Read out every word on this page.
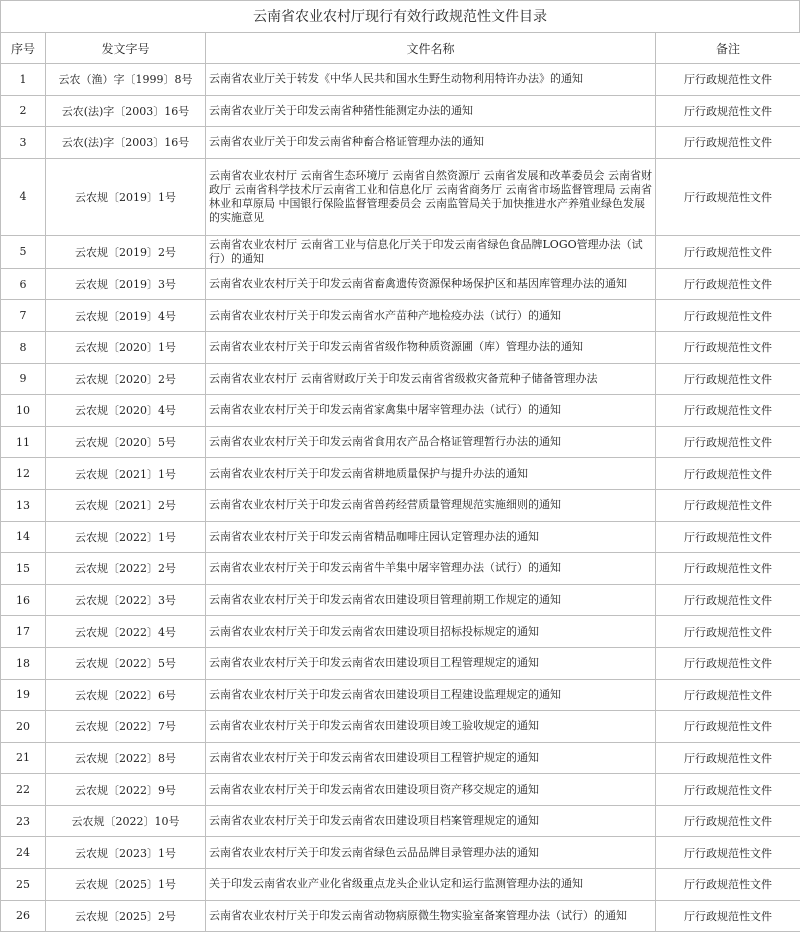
云南省农业农村厅现行有效行政规范性文件目录
序号	发文字号	文件名称	备注
1	云农（渔）字〔1999〕8号	云南省农业厅关于转发《中华人民共和国水生野生动物利用特许办法》的通知	厅行政规范性文件
2	云农(法)字〔2003〕16号	云南省农业厅关于印发云南省种猪性能测定办法的通知	厅行政规范性文件
3	云农(法)字〔2003〕16号	云南省农业厅关于印发云南省种畜合格证管理办法的通知	厅行政规范性文件
4	云农规〔2019〕1号	云南省农业农村厅 云南省生态环境厅 云南省自然资源厅 云南省发展和改革委员会 云南省财政厅 云南省科学技术厅云南省工业和信息化厅 云南省商务厅 云南省市场监督管理局 云南省林业和草原局 中国银行保险监督管理委员会 云南监管局关于加快推进水产养殖业绿色发展的实施意见	厅行政规范性文件
5	云农规〔2019〕2号	云南省农业农村厅 云南省工业与信息化厅关于印发云南省绿色食品牌LOGO管理办法（试行）的通知	厅行政规范性文件
6	云农规〔2019〕3号	云南省农业农村厅关于印发云南省畜禽遗传资源保种场保护区和基因库管理办法的通知	厅行政规范性文件
7	云农规〔2019〕4号	云南省农业农村厅关于印发云南省水产苗种产地检疫办法（试行）的通知	厅行政规范性文件
8	云农规〔2020〕1号	云南省农业农村厅关于印发云南省省级作物种质资源圃（库）管理办法的通知	厅行政规范性文件
9	云农规〔2020〕2号	云南省农业农村厅 云南省财政厅关于印发云南省省级救灾备荒种子储备管理办法	厅行政规范性文件
10	云农规〔2020〕4号	云南省农业农村厅关于印发云南省家禽集中屠宰管理办法（试行）的通知	厅行政规范性文件
11	云农规〔2020〕5号	云南省农业农村厅关于印发云南省食用农产品合格证管理暂行办法的通知	厅行政规范性文件
12	云农规〔2021〕1号	云南省农业农村厅关于印发云南省耕地质量保护与提升办法的通知	厅行政规范性文件
13	云农规〔2021〕2号	云南省农业农村厅关于印发云南省兽药经营质量管理规范实施细则的通知	厅行政规范性文件
14	云农规〔2022〕1号	云南省农业农村厅关于印发云南省精品咖啡庄园认定管理办法的通知	厅行政规范性文件
15	云农规〔2022〕2号	云南省农业农村厅关于印发云南省牛羊集中屠宰管理办法（试行）的通知	厅行政规范性文件
16	云农规〔2022〕3号	云南省农业农村厅关于印发云南省农田建设项目管理前期工作规定的通知	厅行政规范性文件
17	云农规〔2022〕4号	云南省农业农村厅关于印发云南省农田建设项目招标投标规定的通知	厅行政规范性文件
18	云农规〔2022〕5号	云南省农业农村厅关于印发云南省农田建设项目工程管理规定的通知	厅行政规范性文件
19	云农规〔2022〕6号	云南省农业农村厅关于印发云南省农田建设项目工程建设监理规定的通知	厅行政规范性文件
20	云农规〔2022〕7号	云南省农业农村厅关于印发云南省农田建设项目竣工验收规定的通知	厅行政规范性文件
21	云农规〔2022〕8号	云南省农业农村厅关于印发云南省农田建设项目工程管护规定的通知	厅行政规范性文件
22	云农规〔2022〕9号	云南省农业农村厅关于印发云南省农田建设项目资产移交规定的通知	厅行政规范性文件
23	云农规〔2022〕10号	云南省农业农村厅关于印发云南省农田建设项目档案管理规定的通知	厅行政规范性文件
24	云农规〔2023〕1号	云南省农业农村厅关于印发云南省绿色云品品牌目录管理办法的通知	厅行政规范性文件
25	云农规〔2025〕1号	关于印发云南省农业产业化省级重点龙头企业认定和运行监测管理办法的通知	厅行政规范性文件
26	云农规〔2025〕2号	云南省农业农村厅关于印发云南省动物病原微生物实验室备案管理办法（试行）的通知	厅行政规范性文件
